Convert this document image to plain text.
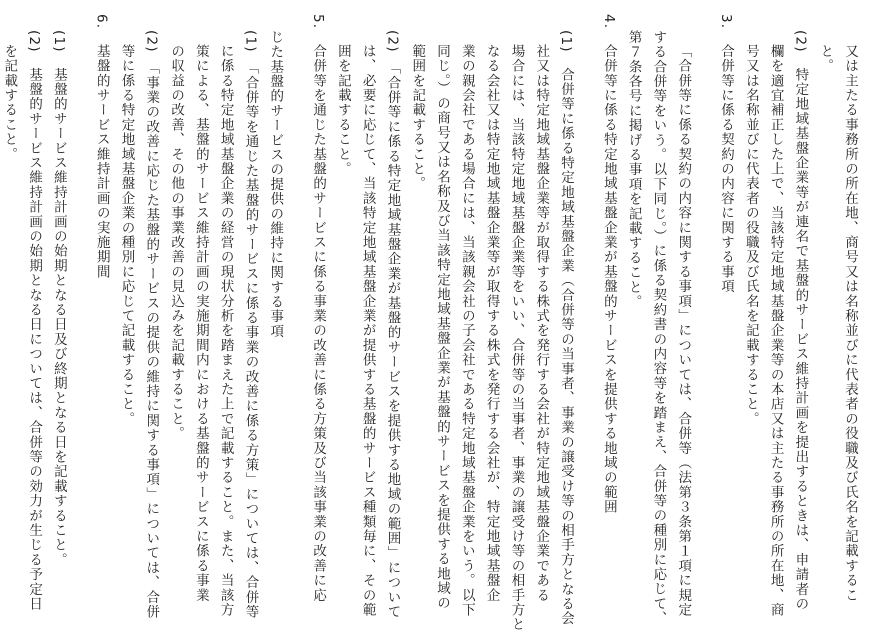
又は主たる事務所の所在地、商号又は名称並びに代表者の役職及び氏名を記載するこ
と。
(2)　特定地域基盤企業等が連名で基盤的サービス維持計画を提出するときは、申請者の
欄を適宜補正した上で、当該特定地域基盤企業等の本店又は主たる事務所の所在地、商
号又は名称並びに代表者の役職及び氏名を記載すること。
3.　合併等に係る契約の内容に関する事項
「合併等に係る契約の内容に関する事項」については、合併等（法第３条第１項に規定
する合併等をいう。以下同じ。）に係る契約書の内容等を踏まえ、合併等の種別に応じて、
第７条各号に掲げる事項を記載すること。
4.　合併等に係る特定地域基盤企業が基盤的サービスを提供する地域の範囲
(1)　合併等に係る特定地域基盤企業（合併等の当事者、事業の譲受け等の相手方となる会
社又は特定地域基盤企業等が取得する株式を発行する会社が特定地域基盤企業である
場合には、当該特定地域基盤企業等をいい、合併等の当事者、事業の譲受け等の相手方と
なる会社又は特定地域基盤企業等が取得する株式を発行する会社が、特定地域基盤企
業の親会社である場合には、当該親会社の子会社である特定地域基盤企業をいう。以下
同じ。）の商号又は名称及び当該特定地域基盤企業が基盤的サービスを提供する地域の
範囲を記載すること。
(2)　「合併等に係る特定地域基盤企業が基盤的サービスを提供する地域の範囲」について
は、必要に応じて、当該特定地域基盤企業が提供する基盤的サービス種類毎に、その範
囲を記載すること。
5.　合併等を通じた基盤的サービスに係る事業の改善に係る方策及び当該事業の改善に応
じた基盤的サービスの提供の維持に関する事項
(1)　「合併等を通じた基盤的サービスに係る事業の改善に係る方策」については、合併等
に係る特定地域基盤企業の経営の現状分析を踏まえた上で記載すること。また、当該方
策による、基盤的サービス維持計画の実施期間内における基盤的サービスに係る事業
の収益の改善、その他の事業改善の見込みを記載すること。
(2)　「事業の改善に応じた基盤的サービスの提供の維持に関する事項」については、合併
等に係る特定地域基盤企業の種別に応じて記載すること。
6.　基盤的サービス維持計画の実施期間
(1)　基盤的サービス維持計画の始期となる日及び終期となる日を記載すること。
(2)　基盤的サービス維持計画の始期となる日については、合併等の効力が生じる予定日
を記載すること。
